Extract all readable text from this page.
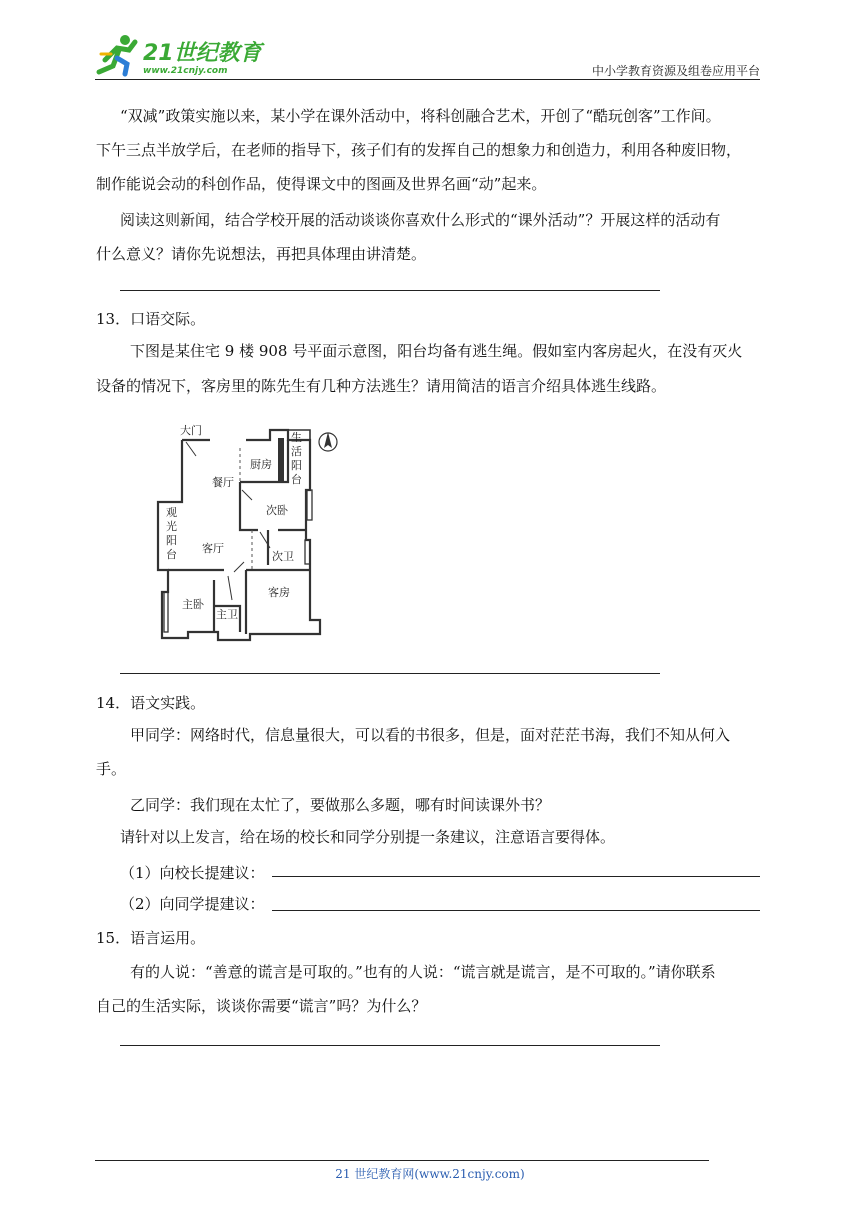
21世纪教育
www.21cnjy.com	中小学教育资源及组卷应用平台

“双减”政策实施以来，某小学在课外活动中，将科创融合艺术，开创了“酷玩创客”工作间。

下午三点半放学后，在老师的指导下，孩子们有的发挥自己的想象力和创造力，利用各种废旧物，

制作能说会动的科创作品，使得课文中的图画及世界名画“动”起来。

阅读这则新闻，结合学校开展的活动谈谈你喜欢什么形式的“课外活动”？开展这样的活动有

什么意义？请你先说想法，再把具体理由讲清楚。

13．口语交际。

下图是某住宅 9 楼 908 号平面示意图，阳台均备有逃生绳。假如室内客房起火，在没有灭火

设备的情况下，客房里的陈先生有几种方法逃生？请用简洁的语言介绍具体逃生线路。

大门
厨房
餐厅
次卧
客厅
次卫
客房
主卧
主卫
生
活
阳
台
观
光
阳
台
14．语文实践。

甲同学：网络时代，信息量很大，可以看的书很多，但是，面对茫茫书海，我们不知从何入

手。

乙同学：我们现在太忙了，要做那么多题，哪有时间读课外书？

请针对以上发言，给在场的校长和同学分别提一条建议，注意语言要得体。

（1）向校长提建议：
（2）向同学提建议：
15．语言运用。

有的人说：“善意的谎言是可取的。”也有的人说：“谎言就是谎言，是不可取的。”请你联系

自己的生活实际，谈谈你需要“谎言”吗？为什么？

21 世纪教育网(www.21cnjy.com)
